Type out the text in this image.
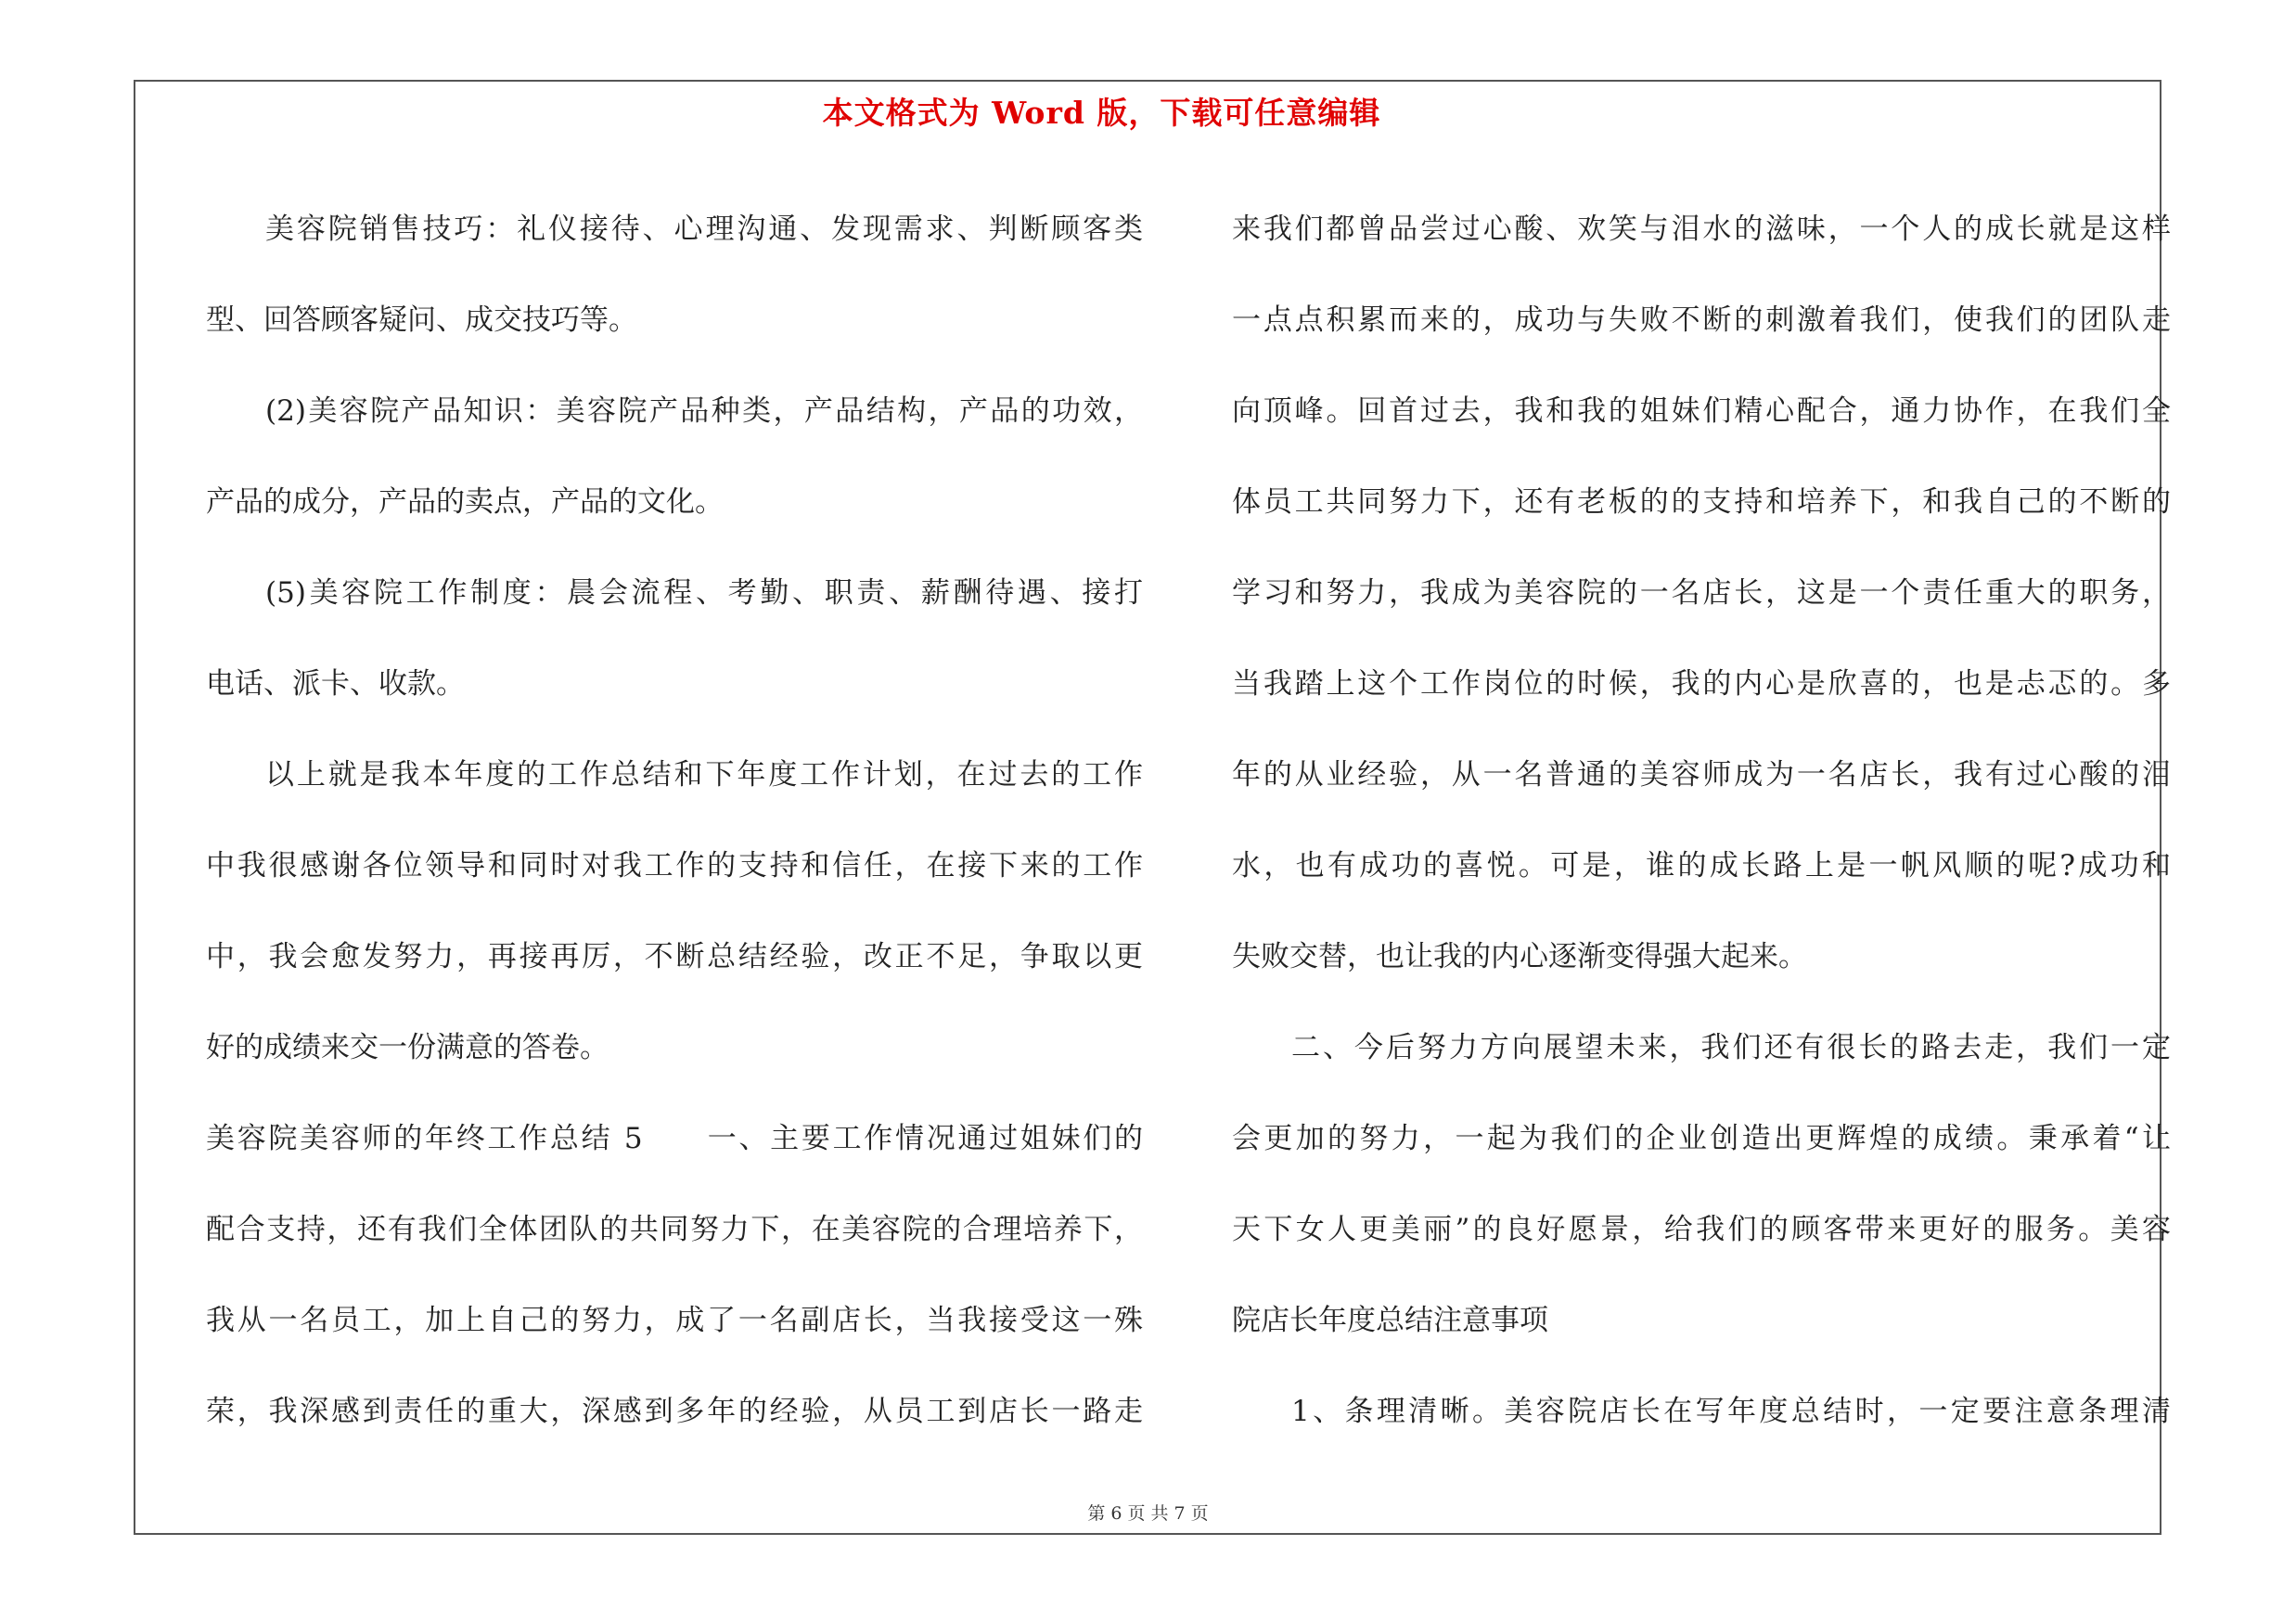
本文格式为 Word 版，下载可任意编辑
美容院销售技巧：礼仪接待、心理沟通、发现需求、判断顾客类
型、回答顾客疑问、成交技巧等。
(2)美容院产品知识：美容院产品种类，产品结构，产品的功效，
产品的成分，产品的卖点，产品的文化。
(5)美容院工作制度：晨会流程、考勤、职责、薪酬待遇、接打
电话、派卡、收款。
以上就是我本年度的工作总结和下年度工作计划，在过去的工作
中我很感谢各位领导和同时对我工作的支持和信任，在接下来的工作
中，我会愈发努力，再接再厉，不断总结经验，改正不足，争取以更
好的成绩来交一份满意的答卷。
美容院美容师的年终工作总结 5　　一、主要工作情况通过姐妹们的
配合支持，还有我们全体团队的共同努力下，在美容院的合理培养下，
我从一名员工，加上自己的努力，成了一名副店长，当我接受这一殊
荣，我深感到责任的重大，深感到多年的经验，从员工到店长一路走
来我们都曾品尝过心酸、欢笑与泪水的滋味，一个人的成长就是这样
一点点积累而来的，成功与失败不断的刺激着我们，使我们的团队走
向顶峰。回首过去，我和我的姐妹们精心配合，通力协作，在我们全
体员工共同努力下，还有老板的的支持和培养下，和我自己的不断的
学习和努力，我成为美容院的一名店长，这是一个责任重大的职务，
当我踏上这个工作岗位的时候，我的内心是欣喜的，也是忐忑的。多
年的从业经验，从一名普通的美容师成为一名店长，我有过心酸的泪
水，也有成功的喜悦。可是，谁的成长路上是一帆风顺的呢?成功和
失败交替，也让我的内心逐渐变得强大起来。
二、今后努力方向展望未来，我们还有很长的路去走，我们一定
会更加的努力，一起为我们的企业创造出更辉煌的成绩。秉承着“让
天下女人更美丽”的良好愿景，给我们的顾客带来更好的服务。美容
院店长年度总结注意事项
1、条理清晰。美容院店长在写年度总结时，一定要注意条理清
第 6 页 共 7 页
